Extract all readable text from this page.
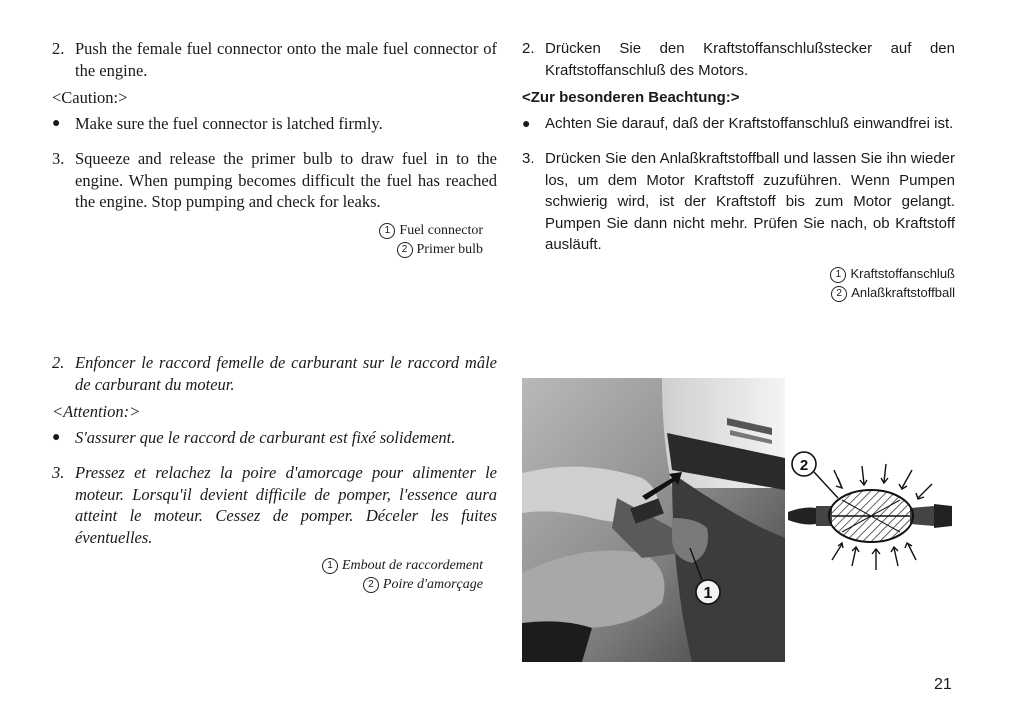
2. Push the female fuel connector onto the male fuel connector of the engine.
<Caution:>
● Make sure the fuel connector is latched firmly.
3. Squeeze and release the primer bulb to draw fuel in to the engine. When pumping becomes difficult the fuel has reached the engine. Stop pumping and check for leaks.
1 Fuel connector
2 Primer bulb
2. Enfoncer le raccord femelle de carburant sur le raccord mâle de carburant du moteur.
<Attention:>
● S'assurer que le raccord de carburant est fixé solidement.
3. Pressez et relachez la poire d'amorcage pour alimenter le moteur. Lorsqu'il devient difficile de pomper, l'essence aura atteint le moteur. Cessez de pomper. Déceler les fuites éventuelles.
1 Embout de raccordement
2 Poire d'amorçage
2. Drücken Sie den Kraftstoffanschlußstecker auf den Kraftstoffanschluß des Motors.
<Zur besonderen Beachtung:>
● Achten Sie darauf, daß der Kraftstoffanschluß einwandfrei ist.
3. Drücken Sie den Anlaßkraftstoffball und lassen Sie ihn wieder los, um dem Motor Kraftstoff zuzuführen. Wenn Pumpen schwierig wird, ist der Kraftstoff bis zum Motor gelangt. Pumpen Sie dann nicht mehr. Prüfen Sie nach, ob Kraftstoff ausläuft.
1 Kraftstoffanschluß
2 Anlaßkraftstoffball
1
2
21
